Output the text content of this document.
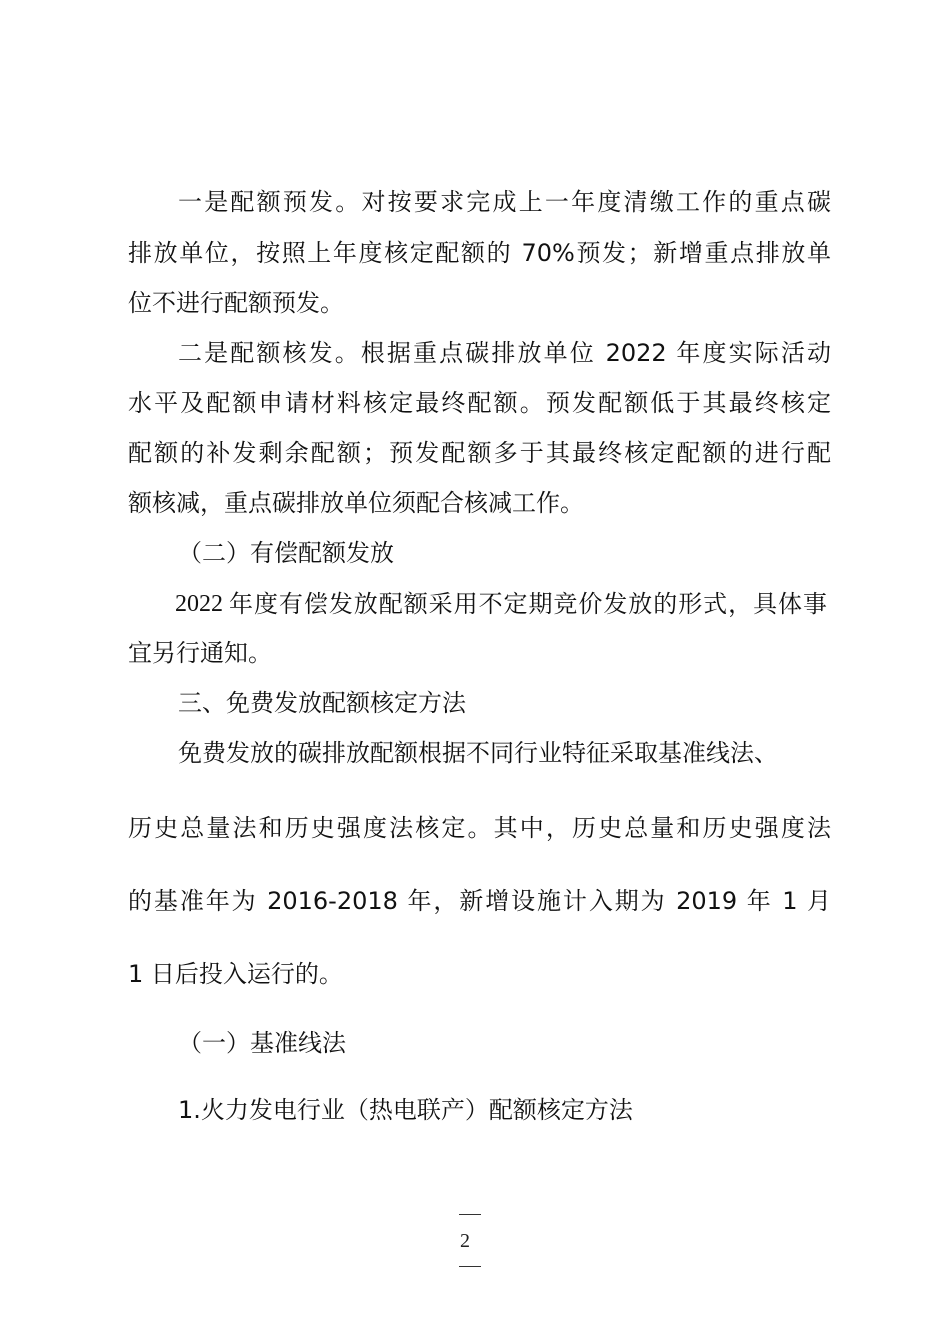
一是配额预发。对按要求完成上一年度清缴工作的重点碳
排放单位，按照上年度核定配额的 70%预发；新增重点排放单
位不进行配额预发。
二是配额核发。根据重点碳排放单位 2022 年度实际活动
水平及配额申请材料核定最终配额。预发配额低于其最终核定
配额的补发剩余配额；预发配额多于其最终核定配额的进行配
额核减，重点碳排放单位须配合核减工作。
（二）有偿配额发放
2022 年度有偿发放配额采用不定期竞价发放的形式，具体事
宜另行通知。
三、免费发放配额核定方法
免费发放的碳排放配额根据不同行业特征采取基准线法、
历史总量法和历史强度法核定。其中，历史总量和历史强度法
的基准年为 2016-2018 年，新增设施计入期为 2019 年 1 月
1 日后投入运行的。
（一）基准线法
1.火力发电行业（热电联产）配额核定方法
2
